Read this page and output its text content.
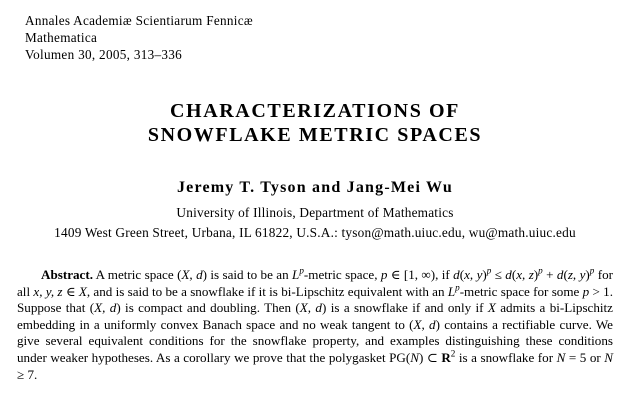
Annales Academiæ Scientiarum Fennicæ
Mathematica
Volumen 30, 2005, 313–336
CHARACTERIZATIONS OF
SNOWFLAKE METRIC SPACES
Jeremy T. Tyson and Jang-Mei Wu
University of Illinois, Department of Mathematics
1409 West Green Street, Urbana, IL 61822, U.S.A.: tyson@math.uiuc.edu, wu@math.uiuc.edu

Abstract. A metric space (X, d) is said to be an $L^p$-metric space, p ∈ [1, ∞), if d(x, y)$^p$ ≤ d(x, z)$^p$ + d(z, y)$^p$ for all x, y, z ∈ X, and is said to be a snowflake if it is bi-Lipschitz equivalent with an $L^p$-metric space for some p > 1. Suppose that (X, d) is compact and doubling. Then (X, d) is a snowflake if and only if X admits a bi-Lipschitz embedding in a uniformly convex Banach space and no weak tangent to (X, d) contains a rectifiable curve. We give several equivalent conditions for the snowflake property, and examples distinguishing these conditions under weaker hypotheses. As a corollary we prove that the polygasket PG(N) ⊂ $R^2$ is a snowflake for N = 5 or N ≥ 7.
